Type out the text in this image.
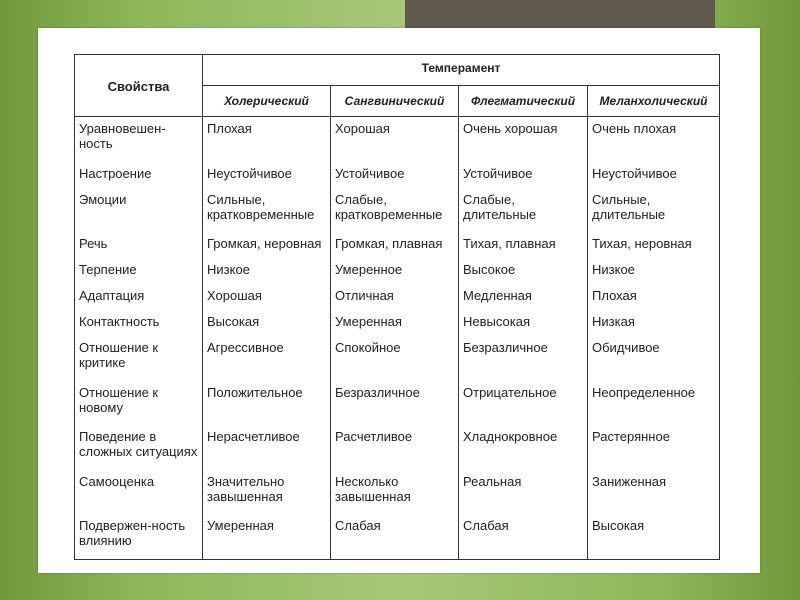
Свойства	Темперамент			
	Холерический	Сангвинический	Флегматический	Меланхолический
Уравновешен-ность	Плохая	Хорошая	Очень хорошая	Очень плохая
Настроение	Неустойчивое	Устойчивое	Устойчивое	Неустойчивое
Эмоции	Сильные, кратковременные	Слабые, кратковременные	Слабые, длительные	Сильные, длительные
Речь	Громкая, неровная	Громкая, плавная	Тихая, плавная	Тихая, неровная
Терпение	Низкое	Умеренное	Высокое	Низкое
Адаптация	Хорошая	Отличная	Медленная	Плохая
Контактность	Высокая	Умеренная	Невысокая	Низкая
Отношение к критике	Агрессивное	Спокойное	Безразличное	Обидчивое
Отношение к новому	Положительное	Безразличное	Отрицательное	Неопределенное
Поведение в сложных ситуациях	Нерасчетливое	Расчетливое	Хладнокровное	Растерянное
Самооценка	Значительно завышенная	Несколько завышенная	Реальная	Заниженная
Подвержен-ность влиянию	Умеренная	Слабая	Слабая	Высокая
